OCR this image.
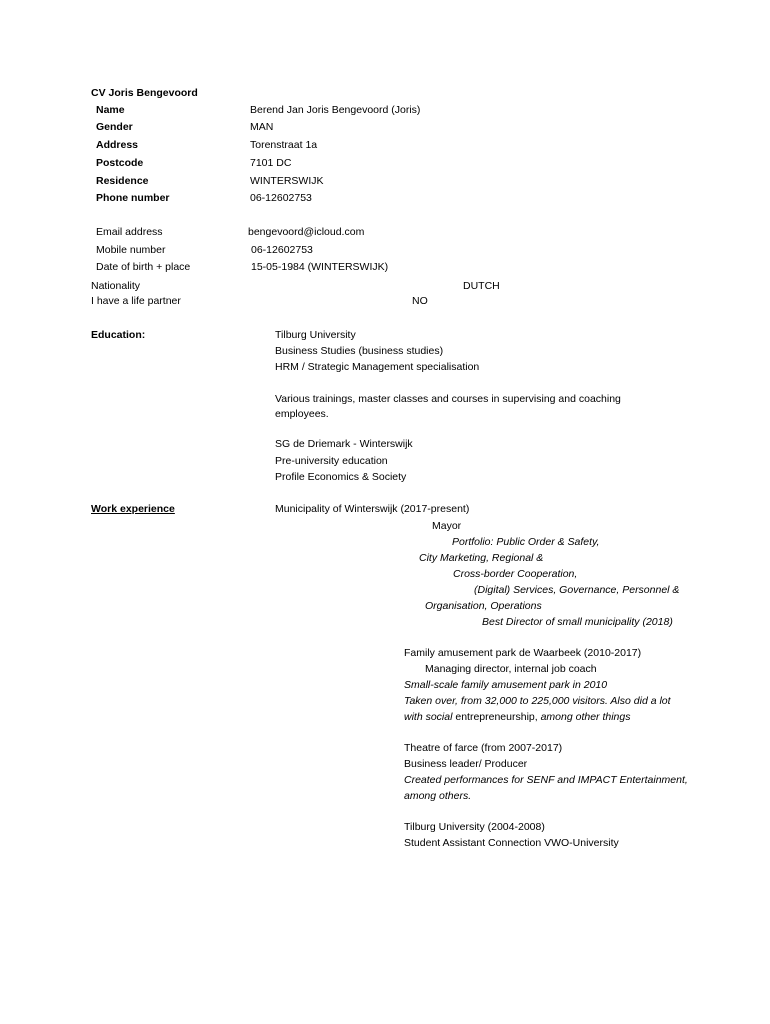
CV Joris Bengevoord
Name	Berend Jan Joris Bengevoord (Joris)
Gender	MAN
Address	Torenstraat 1a
Postcode	7101 DC
Residence	WINTERSWIJK
Phone number	06-12602753
Email address	bengevoord@icloud.com
Mobile number	06-12602753
Date of birth + place	15-05-1984 (WINTERSWIJK)
Nationality	DUTCH
I have a life partner	NO
Education:	Tilburg University
Business Studies (business studies)
HRM / Strategic Management specialisation
Various trainings, master classes and courses in supervising and coaching
employees.
SG de Driemark - Winterswijk
Pre-university education
Profile Economics & Society
Work experience	Municipality of Winterswijk (2017-present)
Mayor
Portfolio: Public Order & Safety,
City Marketing, Regional &
Cross-border Cooperation,
(Digital) Services, Governance, Personnel &
Organisation, Operations
Best Director of small municipality (2018)
Family amusement park de Waarbeek (2010-2017)
Managing director, internal job coach
Small-scale family amusement park in 2010
Taken over, from 32,000 to 225,000 visitors. Also did a lot
with social entrepreneurship, among other things
Theatre of farce (from 2007-2017)
Business leader/ Producer
Created performances for SENF and IMPACT Entertainment,
among others.
Tilburg University (2004-2008)
Student Assistant Connection VWO-University
